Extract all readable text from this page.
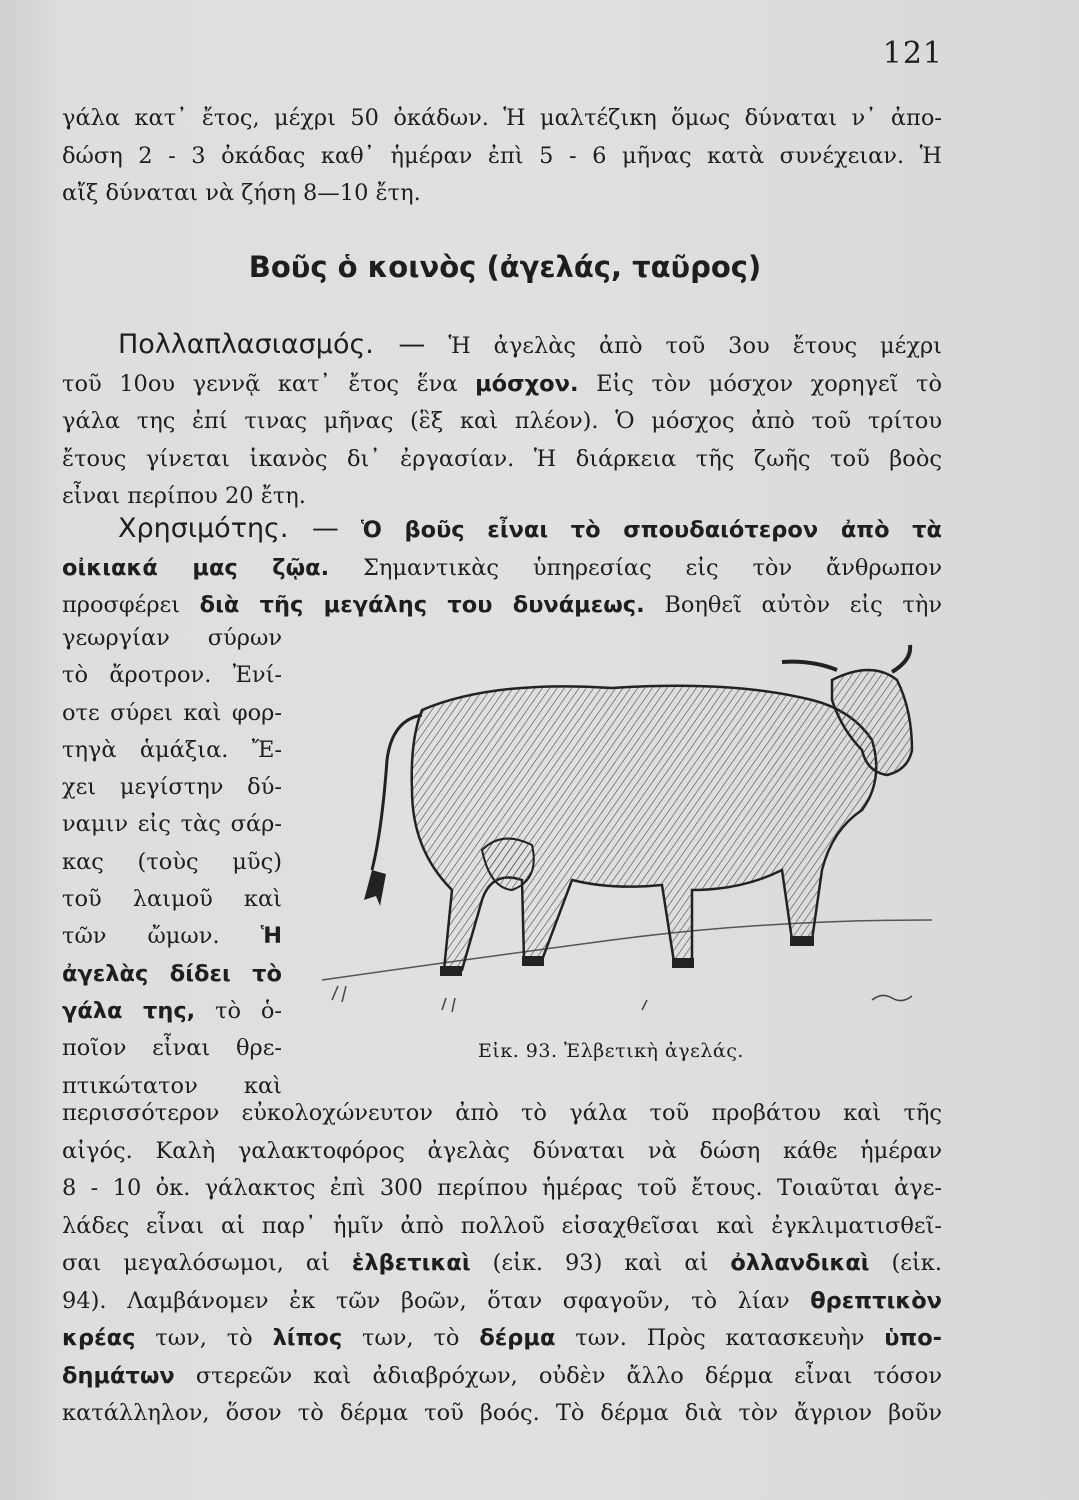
121
γάλα κατ᾽ ἔτος, μέχρι 50 ὀκάδων. Ἡ μαλτέζικη ὅμως δύναται ν᾽ ἀπο-
δώση 2 - 3 ὀκάδας καθ᾽ ἡμέραν ἐπὶ 5 - 6 μῆνας κατὰ συνέχειαν. Ἡ
αἴξ δύναται νὰ ζήση 8—10 ἔτη.
Βοῦς ὁ κοινὸς (ἀγελάς, ταῦρος)
Πολλαπλασιασμός. — Ἡ ἀγελὰς ἀπὸ τοῦ 3ου ἔτους μέχρι
τοῦ 10ου γεννᾷ κατ᾽ ἔτος ἕνα μόσχον. Εἰς τὸν μόσχον χορηγεῖ τὸ
γάλα της ἐπί τινας μῆνας (ἓξ καὶ πλέον). Ὁ μόσχος ἀπὸ τοῦ τρίτου
ἔτους γίνεται ἱκανὸς δι᾽ ἐργασίαν. Ἡ διάρκεια τῆς ζωῆς τοῦ βοὸς
εἶναι περίπου 20 ἔτη.
Χρησιμότης. — Ὁ βοῦς εἶναι τὸ σπουδαιότερον ἀπὸ τὰ
οἰκιακά μας ζῷα. Σημαντικὰς ὑπηρεσίας εἰς τὸν ἄνθρωπον
προσφέρει διὰ τῆς μεγάλης του δυνάμεως. Βοηθεῖ αὐτὸν εἰς τὴν
γεωργίαν σύρων
τὸ ἄροτρον. Ἐνί-
οτε σύρει καὶ φορ-
τηγὰ ἁμάξια. Ἔ-
χει μεγίστην δύ-
ναμιν εἰς τὰς σάρ-
κας (τοὺς μῦς)
τοῦ λαιμοῦ καὶ
τῶν ὤμων. Ἡ
ἀγελὰς δίδει τὸ
γάλα της, τὸ ὁ-
ποῖον εἶναι θρε-
πτικώτατον καὶ
Εἰκ. 93. Ἐλβετικὴ ἀγελάς.
περισσότερον εὐκολοχώνευτον ἀπὸ τὸ γάλα τοῦ προβάτου καὶ τῆς
αἰγός. Καλὴ γαλακτοφόρος ἀγελὰς δύναται νὰ δώση κάθε ἡμέραν
8 - 10 ὀκ. γάλακτος ἐπὶ 300 περίπου ἡμέρας τοῦ ἔτους. Τοιαῦται ἀγε-
λάδες εἶναι αἱ παρ᾽ ἡμῖν ἀπὸ πολλοῦ εἰσαχθεῖσαι καὶ ἐγκλιματισθεῖ-
σαι μεγαλόσωμοι, αἱ ἑλβετικαὶ (εἰκ. 93) καὶ αἱ ὀλλανδικαὶ (εἰκ.
94). Λαμβάνομεν ἐκ τῶν βοῶν, ὅταν σφαγοῦν, τὸ λίαν θρεπτικὸν
κρέας των, τὸ λίπος των, τὸ δέρμα των. Πρὸς κατασκευὴν ὑπο-
δημάτων στερεῶν καὶ ἀδιαβρόχων, οὐδὲν ἄλλο δέρμα εἶναι τόσον
κατάλληλον, ὅσον τὸ δέρμα τοῦ βοός. Τὸ δέρμα διὰ τὸν ἄγριον βοῦν
